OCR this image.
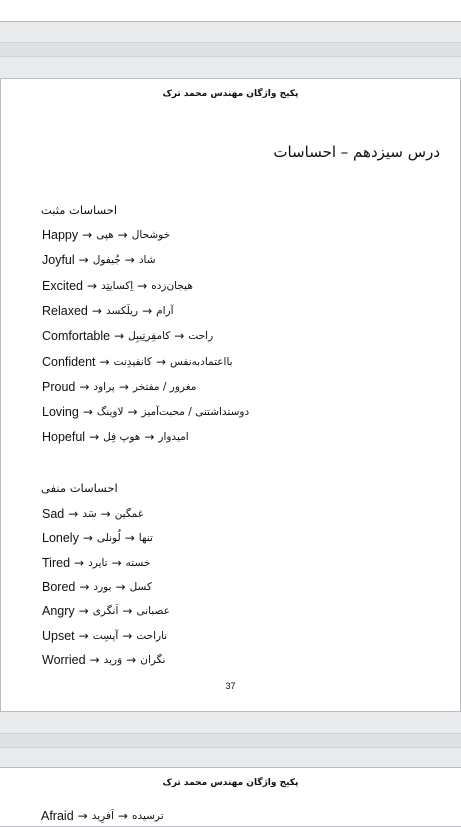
پکیج واژگان مهندس محمد ترک
درس سیزدهم – احساسات
احساسات مثبت
Happy → هپی → خوشحال
Joyful → جُیفول → شاد
Excited → اِکسایتِد → هیجان‌زده
Relaxed → ریلَکسد → آرام
Comfortable → کامفِرتِیبِل → راحت
Confident → کانفیدِنت → بااعتمادبه‌نفس
Proud → پراود → مغرور / مفتخر
Loving → لاوینگ → دوستداشتنی / محبت‌آمیز
Hopeful → هوپ فِل → امیدوار
احساسات منفی
Sad → سَد → غمگین
Lonely → لُونلی → تنها
Tired → تایرد → خسته
Bored → بورد → کسل
Angry → اَنگری → عصبانی
Upset → آپسِت → ناراحت
Worried → وَرید → نگران
37
پکیج واژگان مهندس محمد ترک
Afraid → اَفرِید → ترسیده
